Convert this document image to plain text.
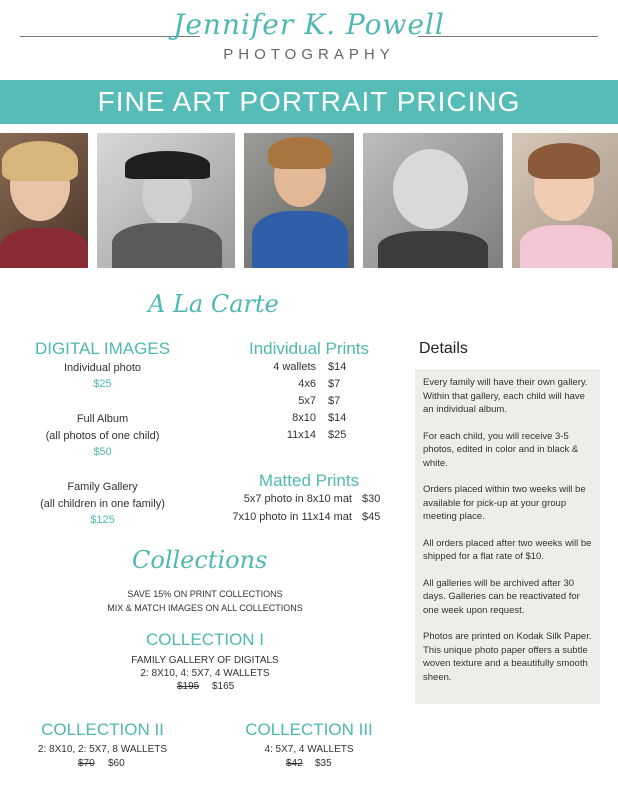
Jennifer K. Powell
PHOTOGRAPHY
FINE ART PORTRAIT PRICING
A La Carte
DIGITAL IMAGES
Individual photo
$25
Full Album
(all photos of one child)
$50
Family Gallery
(all children in one family)
$125
Individual Prints
4 wallets $14
4x6 $7
5x7 $7
8x10 $14
11x14 $25
Matted Prints
5x7 photo in 8x10 mat $30
7x10 photo in 11x14 mat $45
Details

Every family will have their own gallery. Within that gallery, each child will have an individual album.

For each child, you will receive 3-5 photos, edited in color and in black & white.

Orders placed within two weeks will be available for pick-up at your group meeting place.

All orders placed after two weeks will be shipped for a flat rate of $10.

All galleries will be archived after 30 days. Galleries can be reactivated for one week upon request.

Photos are printed on Kodak Silk Paper. This unique photo paper offers a subtle woven texture and a beautifully smooth sheen.

Collections
SAVE 15% ON PRINT COLLECTIONS
MIX & MATCH IMAGES ON ALL COLLECTIONS
COLLECTION I
FAMILY GALLERY OF DIGITALS
2: 8X10, 4: 5X7, 4 WALLETS
$195 $165
COLLECTION II
2: 8X10, 2: 5X7, 8 WALLETS
$70 $60
COLLECTION III
4: 5X7, 4 WALLETS
$42 $35
